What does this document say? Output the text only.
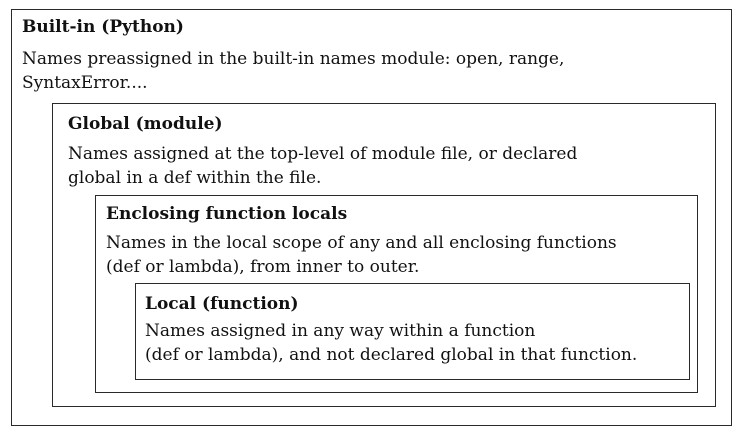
Built-in (Python)
Names preassigned in the built-in names module: open, range,
SyntaxError....
Global (module)
Names assigned at the top-level of module file, or declared
global in a def within the file.
Enclosing function locals
Names in the local scope of any and all enclosing functions
(def or lambda), from inner to outer.
Local (function)
Names assigned in any way within a function
(def or lambda), and not declared global in that function.
